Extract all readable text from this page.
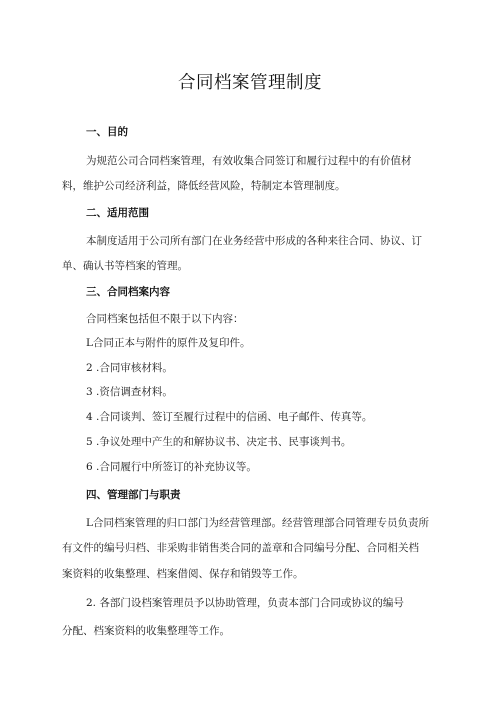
合同档案管理制度
一、目的
为规范公司合同档案管理，有效收集合同签订和履行过程中的有价值材
料，维护公司经济利益，降低经营风险，特制定本管理制度。
二、适用范围
本制度适用于公司所有部门在业务经营中形成的各种来往合同、协议、订
单、确认书等档案的管理。
三、合同档案内容
合同档案包括但不限于以下内容：
L合同正本与附件的原件及复印件。
2 .合同审核材料。
3 .资信调查材料。
4 .合同谈判、签订至履行过程中的信函、电子邮件、传真等。
5 .争议处理中产生的和解协议书、决定书、民事谈判书。
6 .合同履行中所签订的补充协议等。
四、管理部门与职责
L合同档案管理的归口部门为经营管理部。经营管理部合同管理专员负责所
有文件的编号归档、非采购非销售类合同的盖章和合同编号分配、合同相关档
案资料的收集整理、档案借阅、保存和销毁等工作。
2. 各部门设档案管理员予以协助管理，负责本部门合同或协议的编号
分配、档案资料的收集整理等工作。
